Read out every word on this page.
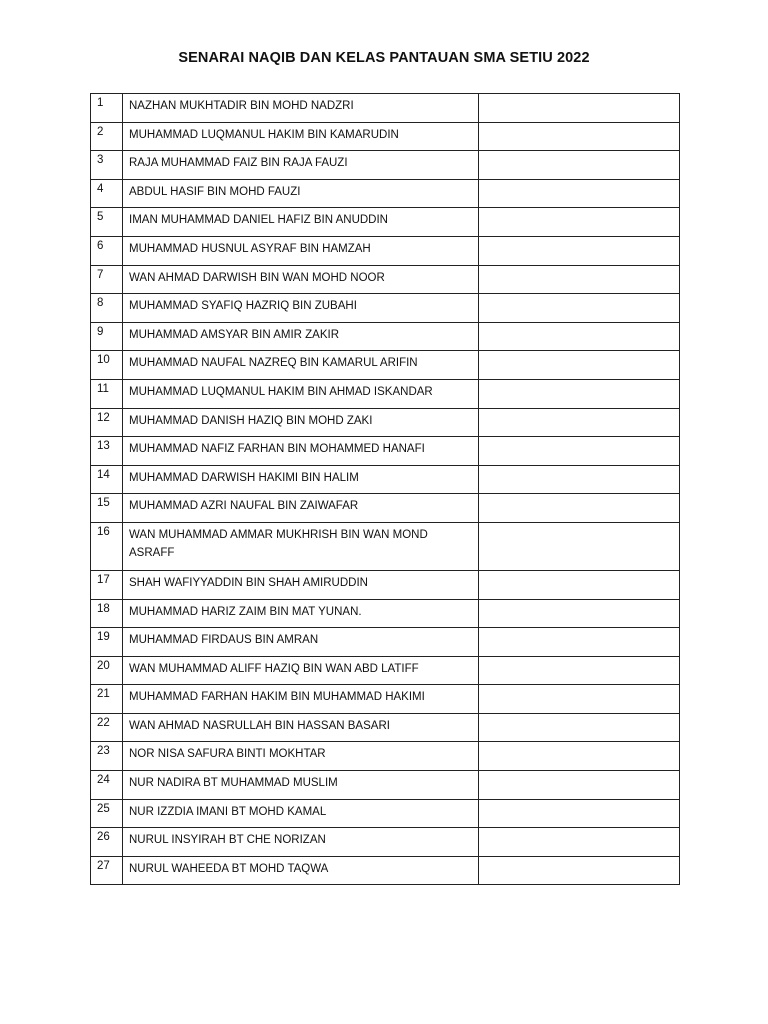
SENARAI NAQIB DAN KELAS PANTAUAN SMA SETIU 2022
1	NAZHAN MUKHTADIR BIN MOHD NADZRI	
2	MUHAMMAD LUQMANUL HAKIM BIN KAMARUDIN	
3	RAJA MUHAMMAD FAIZ BIN RAJA FAUZI	
4	ABDUL HASIF BIN MOHD FAUZI	
5	IMAN MUHAMMAD DANIEL HAFIZ BIN ANUDDIN	
6	MUHAMMAD HUSNUL ASYRAF BIN HAMZAH	
7	WAN AHMAD DARWISH BIN WAN MOHD NOOR	
8	MUHAMMAD SYAFIQ HAZRIQ BIN ZUBAHI	
9	MUHAMMAD AMSYAR BIN AMIR ZAKIR	
10	MUHAMMAD NAUFAL NAZREQ BIN KAMARUL ARIFIN	
11	MUHAMMAD LUQMANUL HAKIM BIN AHMAD ISKANDAR	
12	MUHAMMAD DANISH HAZIQ BIN MOHD ZAKI	
13	MUHAMMAD NAFIZ FARHAN BIN MOHAMMED HANAFI	
14	MUHAMMAD DARWISH HAKIMI BIN HALIM	
15	MUHAMMAD AZRI NAUFAL BIN ZAIWAFAR	
16	WAN MUHAMMAD AMMAR MUKHRISH BIN WAN MOND ASRAFF	
17	SHAH WAFIYYADDIN BIN SHAH AMIRUDDIN	
18	MUHAMMAD HARIZ ZAIM BIN MAT YUNAN.	
19	MUHAMMAD FIRDAUS BIN AMRAN	
20	WAN MUHAMMAD ALIFF HAZIQ BIN WAN ABD LATIFF	
21	MUHAMMAD FARHAN HAKIM BIN MUHAMMAD HAKIMI	
22	WAN AHMAD NASRULLAH BIN HASSAN BASARI	
23	NOR NISA SAFURA BINTI MOKHTAR	
24	NUR NADIRA BT MUHAMMAD MUSLIM	
25	NUR IZZDIA IMANI BT MOHD KAMAL	
26	NURUL INSYIRAH BT CHE NORIZAN	
27	NURUL WAHEEDA BT MOHD TAQWA	
